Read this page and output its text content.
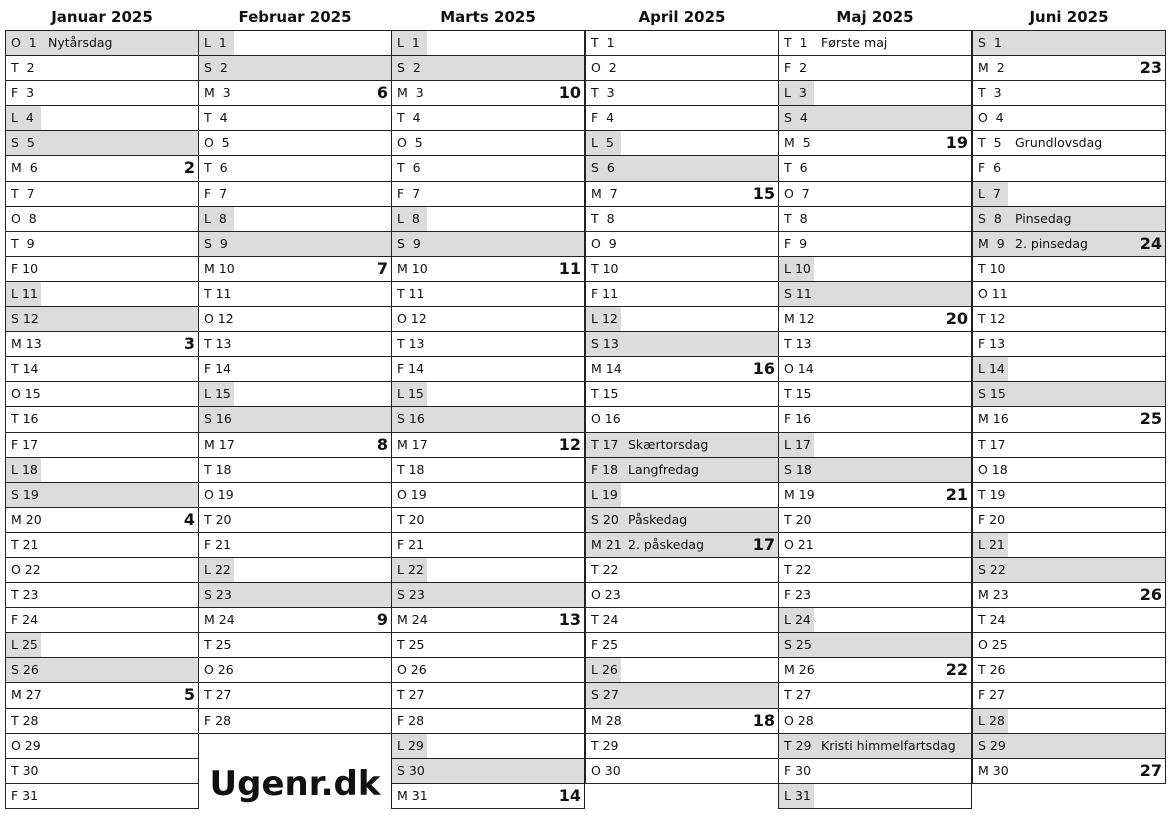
Januar 2025
O  1 Nytårsdag
T  2
F  3
L  4
S  5
M  6	2
T  7
O  8
T  9
F 10
L 11
S 12
M 13	3
T 14
O 15
T 16
F 17
L 18
S 19
M 20	4
T 21
O 22
T 23
F 24
L 25
S 26
M 27	5
T 28
O 29
T 30
F 31
Februar 2025
L  1
S  2
M  3	6
T  4
O  5
T  6
F  7
L  8
S  9
M 10	7
T 11
O 12
T 13
F 14
L 15
S 16
M 17	8
T 18
O 19
T 20
F 21
L 22
S 23
M 24	9
T 25
O 26
T 27
F 28
Marts 2025
L  1
S  2
M  3	10
T  4
O  5
T  6
F  7
L  8
S  9
M 10	11
T 11
O 12
T 13
F 14
L 15
S 16
M 17	12
T 18
O 19
T 20
F 21
L 22
S 23
M 24	13
T 25
O 26
T 27
F 28
L 29
S 30
M 31	14
April 2025
T  1
O  2
T  3
F  4
L  5
S  6
M  7	15
T  8
O  9
T 10
F 11
L 12
S 13
M 14	16
T 15
O 16
T 17 Skærtorsdag
F 18 Langfredag
L 19
S 20 Påskedag
M 21 2. påskedag	17
T 22
O 23
T 24
F 25
L 26
S 27
M 28	18
T 29
O 30
Maj 2025
T  1	Første maj
F  2
L  3
S  4
M  5	19
T  6
O  7
T  8
F  9
L 10
S 11
M 12	20
T 13
O 14
T 15
F 16
L 17
S 18
M 19	21
T 20
O 21
T 22
F 23
L 24
S 25
M 26	22
T 27
O 28
T 29 Kristi himmelfartsdag
F 30
L 31
Juni 2025
S  1
M  2	23
T  3
O  4
T  5	Grundlovsdag
F  6
L  7
S  8	Pinsedag
M  9 2. pinsedag	24
T 10
O 11
T 12
F 13
L 14
S 15
M 16	25
T 17
O 18
T 19
F 20
L 21
S 22
M 23	26
T 24
O 25
T 26
F 27
L 28
S 29
M 30	27
Ugenr.dk
